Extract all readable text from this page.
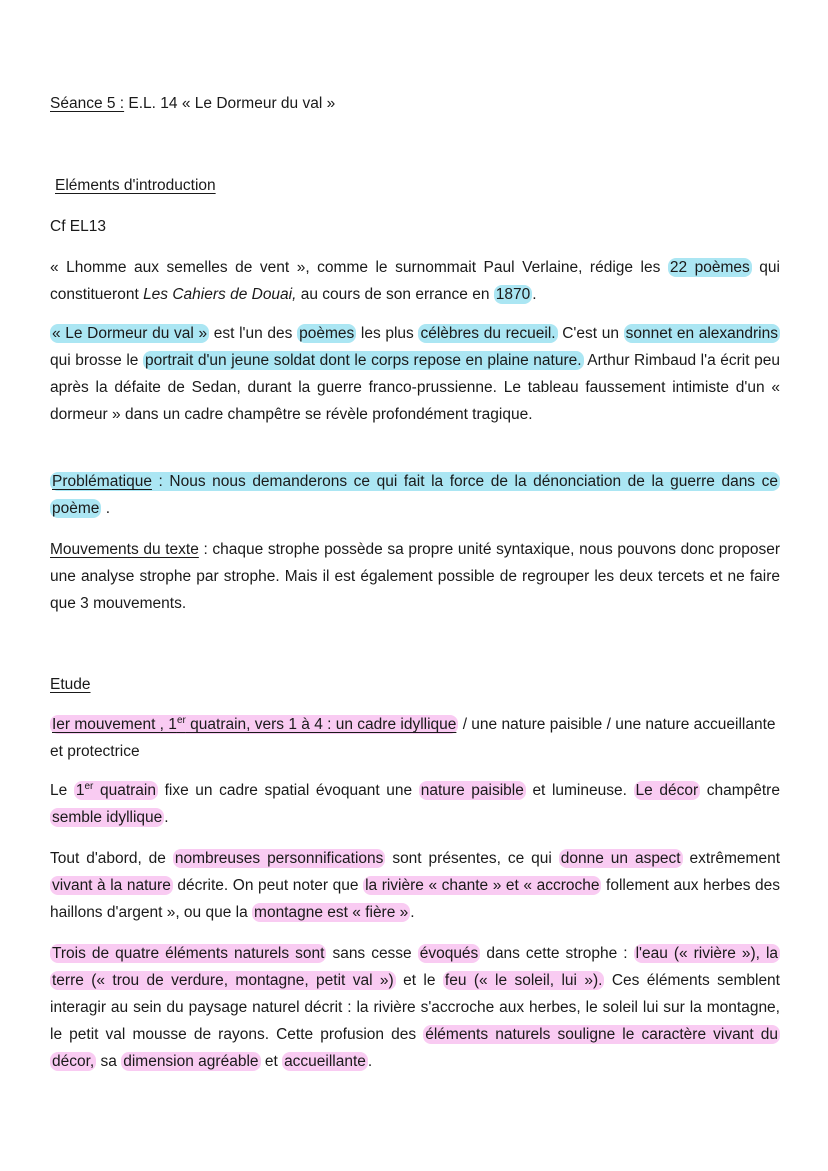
Séance 5 : E.L. 14 « Le Dormeur du val »
Eléments d'introduction
Cf EL13
« Lhomme aux semelles de vent », comme le surnommait Paul Verlaine, rédige les 22 poèmes qui constitueront Les Cahiers de Douai, au cours de son errance en 1870 .
« Le Dormeur du val » est l'un des poèmes les plus célèbres du recueil. C'est un sonnet en alexandrins qui brosse le portrait d'un jeune soldat dont le corps repose en plaine nature. Arthur Rimbaud l'a écrit peu après la défaite de Sedan, durant la guerre franco-prussienne. Le tableau faussement intimiste d'un « dormeur » dans un cadre champêtre se révèle profondément tragique.
Problématique : Nous nous demanderons ce qui fait la force de la dénonciation de la guerre dans ce poème .
Mouvements du texte : chaque strophe possède sa propre unité syntaxique, nous pouvons donc proposer une analyse strophe par strophe. Mais il est également possible de regrouper les deux tercets et ne faire que 3 mouvements.
Etude
Ier mouvement , 1er quatrain, vers 1 à 4 : un cadre idyllique / une nature paisible / une nature accueillante et protectrice
Le 1er quatrain fixe un cadre spatial évoquant une nature paisible et lumineuse. Le décor champêtre semble idyllique .
Tout d'abord, de nombreuses personnifications sont présentes, ce qui donne un aspect extrêmement vivant à la nature décrite. On peut noter que la rivière « chante » et « accroche follement aux herbes des haillons d'argent », ou que la montagne est « fière » .
Trois de quatre éléments naturels sont sans cesse évoqués dans cette strophe : l'eau (« rivière »), la terre (« trou de verdure, montagne, petit val ») et le feu (« le soleil, lui »). Ces éléments semblent interagir au sein du paysage naturel décrit : la rivière s'accroche aux herbes, le soleil lui sur la montagne, le petit val mousse de rayons. Cette profusion des éléments naturels souligne le caractère vivant du décor, sa dimension agréable et accueillante .
